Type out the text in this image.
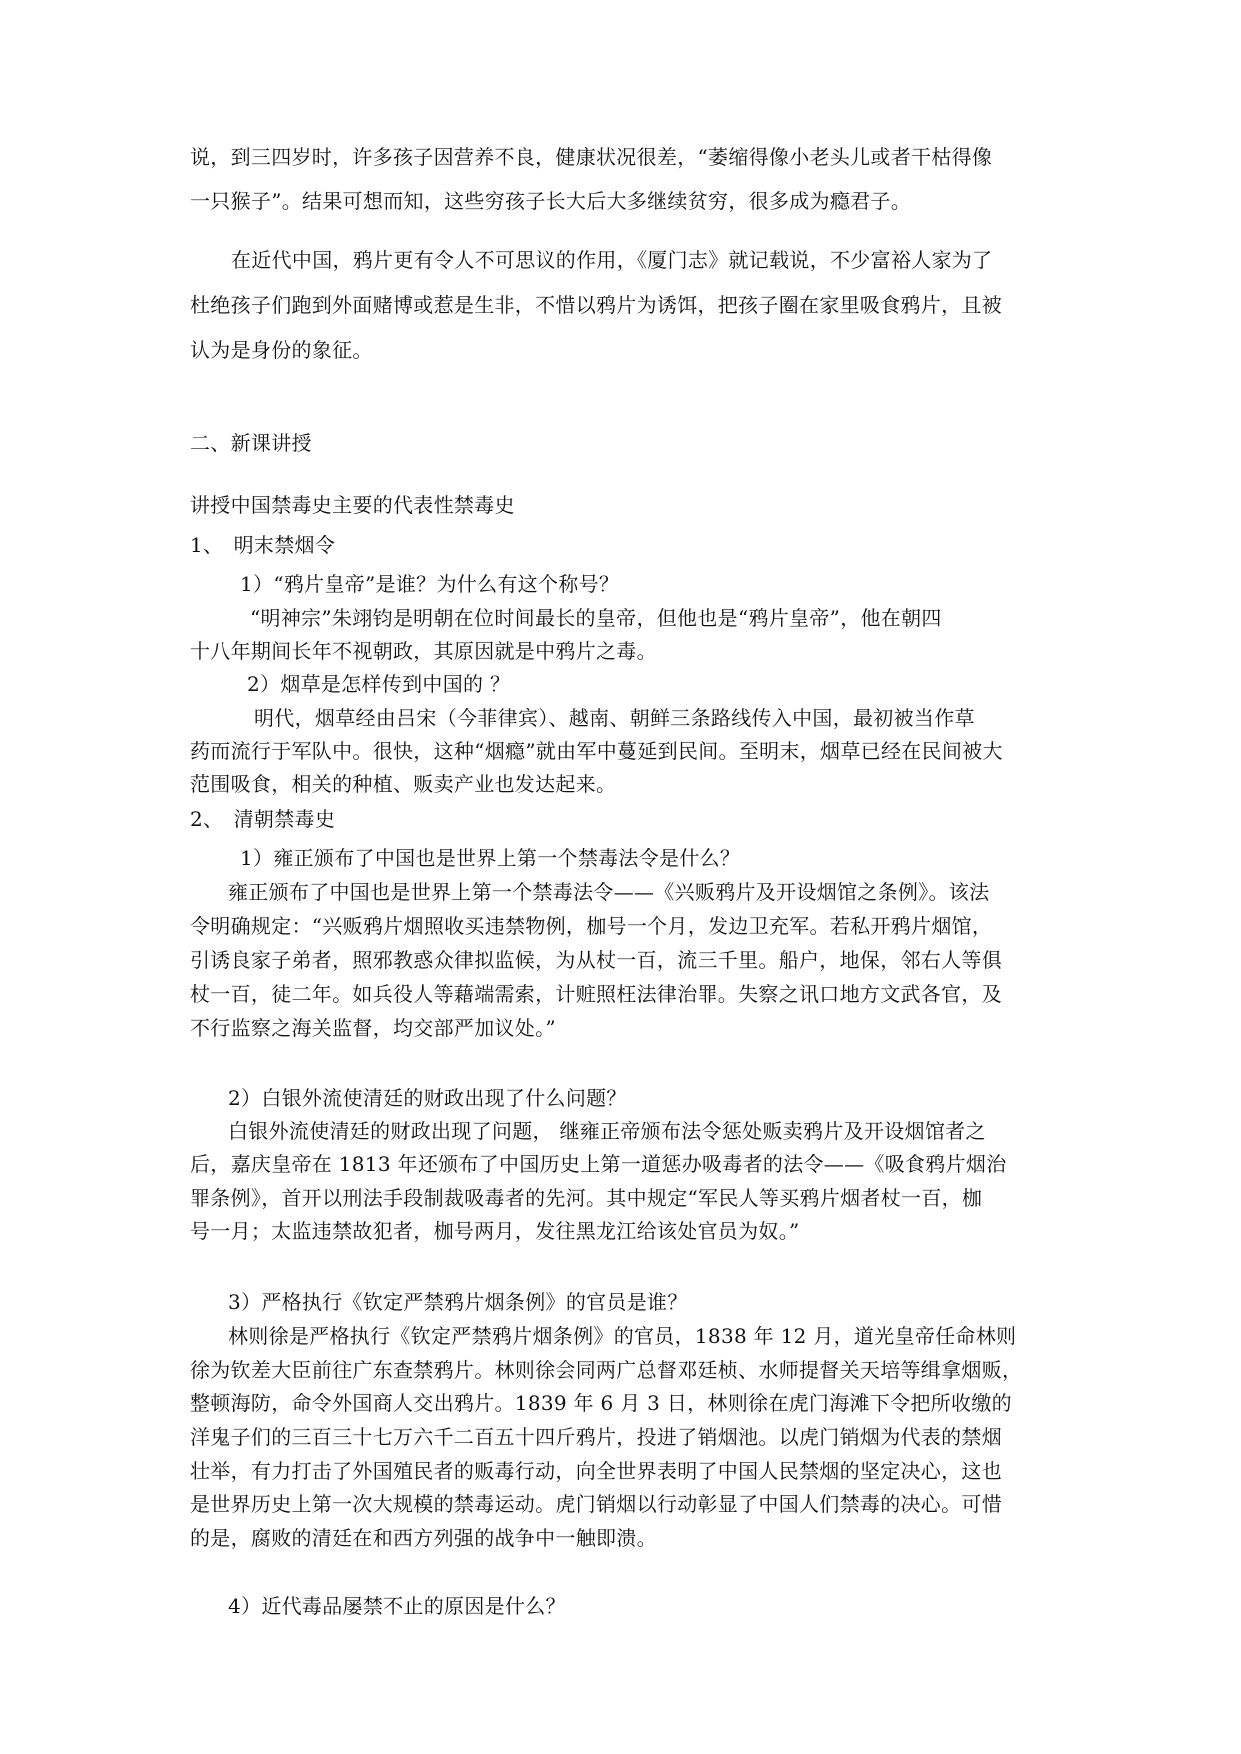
说，到三四岁时，许多孩子因营养不良，健康状况很差，“萎缩得像小老头儿或者干枯得像
一只猴子”。结果可想而知，这些穷孩子长大后大多继续贫穷，很多成为瘾君子。
在近代中国，鸦片更有令人不可思议的作用，《厦门志》就记载说，不少富裕人家为了
杜绝孩子们跑到外面赌博或惹是生非，不惜以鸦片为诱饵，把孩子圈在家里吸食鸦片，且被
认为是身份的象征。
二、新课讲授
讲授中国禁毒史主要的代表性禁毒史
1、　明末禁烟令
1）“鸦片皇帝”是谁？为什么有这个称号？
“明神宗”朱翊钧是明朝在位时间最长的皇帝，但他也是“鸦片皇帝”，他在朝四
十八年期间长年不视朝政，其原因就是中鸦片之毒。
2）烟草是怎样传到中国的 ？
明代，烟草经由吕宋（今菲律宾）、越南、朝鲜三条路线传入中国，最初被当作草
药而流行于军队中。很快，这种“烟瘾”就由军中蔓延到民间。至明末，烟草已经在民间被大
范围吸食，相关的种植、贩卖产业也发达起来。
2、　清朝禁毒史
1）雍正颁布了中国也是世界上第一个禁毒法令是什么？
雍正颁布了中国也是世界上第一个禁毒法令——《兴贩鸦片及开设烟馆之条例》。该法
令明确规定：“兴贩鸦片烟照收买违禁物例，枷号一个月，发边卫充军。若私开鸦片烟馆，
引诱良家子弟者，照邪教惑众律拟监候，为从杖一百，流三千里。船户，地保，邻右人等俱
杖一百，徒二年。如兵役人等藉端需索，计赃照枉法律治罪。失察之讯口地方文武各官，及
不行监察之海关监督，均交部严加议处。”
2）白银外流使清廷的财政出现了什么问题？
白银外流使清廷的财政出现了问题， 继雍正帝颁布法令惩处贩卖鸦片及开设烟馆者之
后，嘉庆皇帝在 1813 年还颁布了中国历史上第一道惩办吸毒者的法令——《吸食鸦片烟治
罪条例》，首开以刑法手段制裁吸毒者的先河。其中规定“军民人等买鸦片烟者杖一百，枷
号一月；太监违禁故犯者，枷号两月，发往黑龙江给该处官员为奴。”
3）严格执行《钦定严禁鸦片烟条例》的官员是谁？
林则徐是严格执行《钦定严禁鸦片烟条例》的官员，1838 年 12 月，道光皇帝任命林则
徐为钦差大臣前往广东查禁鸦片。林则徐会同两广总督邓廷桢、水师提督关天培等缉拿烟贩，
整顿海防，命令外国商人交出鸦片。1839 年 6 月 3 日，林则徐在虎门海滩下令把所收缴的
洋鬼子们的三百三十七万六千二百五十四斤鸦片，投进了销烟池。以虎门销烟为代表的禁烟
壮举，有力打击了外国殖民者的贩毒行动，向全世界表明了中国人民禁烟的坚定决心，这也
是世界历史上第一次大规模的禁毒运动。虎门销烟以行动彰显了中国人们禁毒的决心。可惜
的是，腐败的清廷在和西方列强的战争中一触即溃。
4）近代毒品屡禁不止的原因是什么？
